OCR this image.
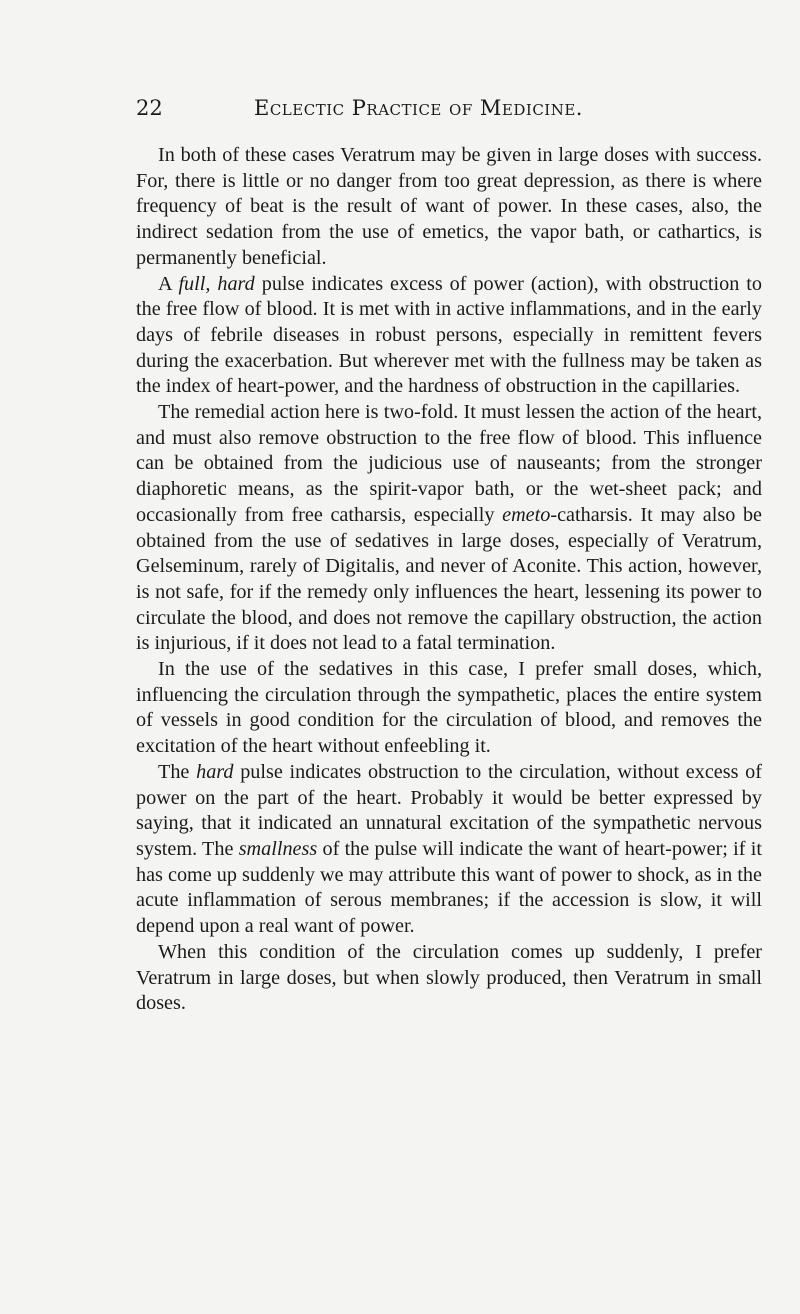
22	Eclectic Practice of Medicine.

In both of these cases Veratrum may be given in large doses with success. For, there is little or no danger from too great depression, as there is where frequency of beat is the result of want of power. In these cases, also, the indirect sedation from the use of emetics, the vapor bath, or cathartics, is permanently beneficial.

A full, hard pulse indicates excess of power (action), with obstruction to the free flow of blood. It is met with in active inflammations, and in the early days of febrile diseases in robust persons, especially in remittent fevers during the exacerbation. But wherever met with the fullness may be taken as the index of heart-power, and the hardness of obstruction in the capillaries.

The remedial action here is two-fold. It must lessen the action of the heart, and must also remove obstruction to the free flow of blood. This influence can be obtained from the judicious use of nauseants; from the stronger diaphoretic means, as the spirit-vapor bath, or the wet-sheet pack; and occasionally from free catharsis, especially emeto-catharsis. It may also be obtained from the use of sedatives in large doses, especially of Veratrum, Gelseminum, rarely of Digitalis, and never of Aconite. This action, however, is not safe, for if the remedy only influences the heart, lessening its power to circulate the blood, and does not remove the capillary obstruction, the action is injurious, if it does not lead to a fatal termination.

In the use of the sedatives in this case, I prefer small doses, which, influencing the circulation through the sympathetic, places the entire system of vessels in good condition for the circulation of blood, and removes the excitation of the heart without enfeebling it.

The hard pulse indicates obstruction to the circulation, without excess of power on the part of the heart. Probably it would be better expressed by saying, that it indicated an unnatural excitation of the sympathetic nervous system. The smallness of the pulse will indicate the want of heart-power; if it has come up suddenly we may attribute this want of power to shock, as in the acute inflammation of serous membranes; if the accession is slow, it will depend upon a real want of power.

When this condition of the circulation comes up suddenly, I prefer Veratrum in large doses, but when slowly produced, then Veratrum in small doses.
